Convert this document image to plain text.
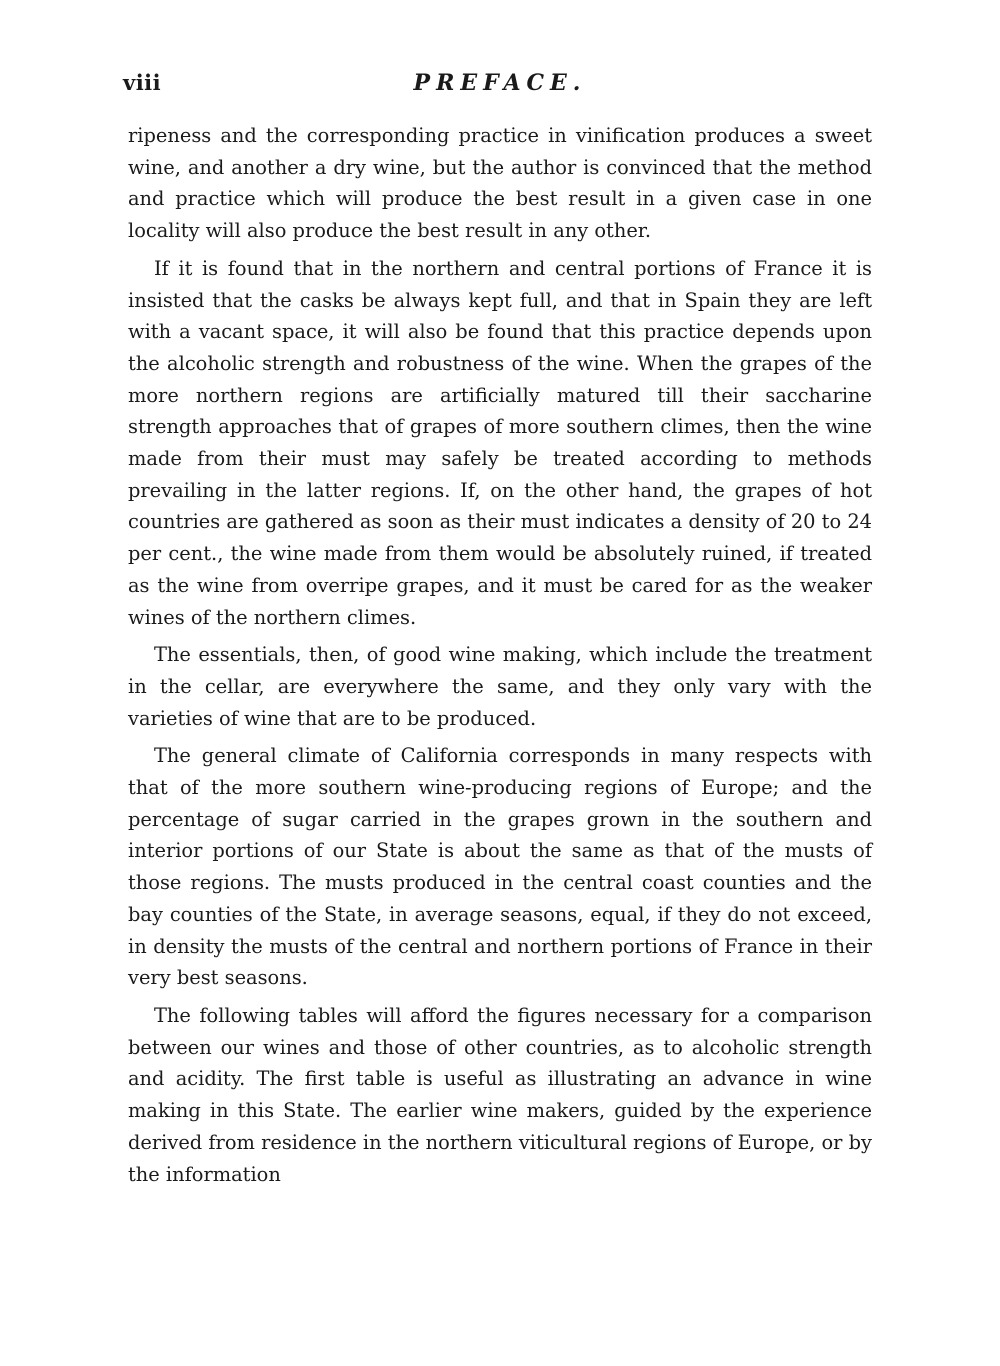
viii	PREFACE.

ripeness and the corresponding practice in vinification produces a sweet wine, and another a dry wine, but the author is convinced that the method and practice which will produce the best result in a given case in one locality will also produce the best result in any other.

If it is found that in the northern and central portions of France it is insisted that the casks be always kept full, and that in Spain they are left with a vacant space, it will also be found that this practice depends upon the alcoholic strength and robustness of the wine. When the grapes of the more northern regions are artificially matured till their saccharine strength approaches that of grapes of more southern climes, then the wine made from their must may safely be treated according to methods prevailing in the latter regions. If, on the other hand, the grapes of hot countries are gathered as soon as their must indicates a density of 20 to 24 per cent., the wine made from them would be absolutely ruined, if treated as the wine from overripe grapes, and it must be cared for as the weaker wines of the northern climes.

The essentials, then, of good wine making, which include the treatment in the cellar, are everywhere the same, and they only vary with the varieties of wine that are to be produced.

The general climate of California corresponds in many respects with that of the more southern wine-producing regions of Europe; and the percentage of sugar carried in the grapes grown in the southern and interior portions of our State is about the same as that of the musts of those regions. The musts produced in the central coast counties and the bay counties of the State, in average seasons, equal, if they do not exceed, in density the musts of the central and northern portions of France in their very best seasons.

The following tables will afford the figures necessary for a comparison between our wines and those of other countries, as to alcoholic strength and acidity. The first table is useful as illustrating an advance in wine making in this State. The earlier wine makers, guided by the experience derived from residence in the northern viticultural regions of Europe, or by the information
